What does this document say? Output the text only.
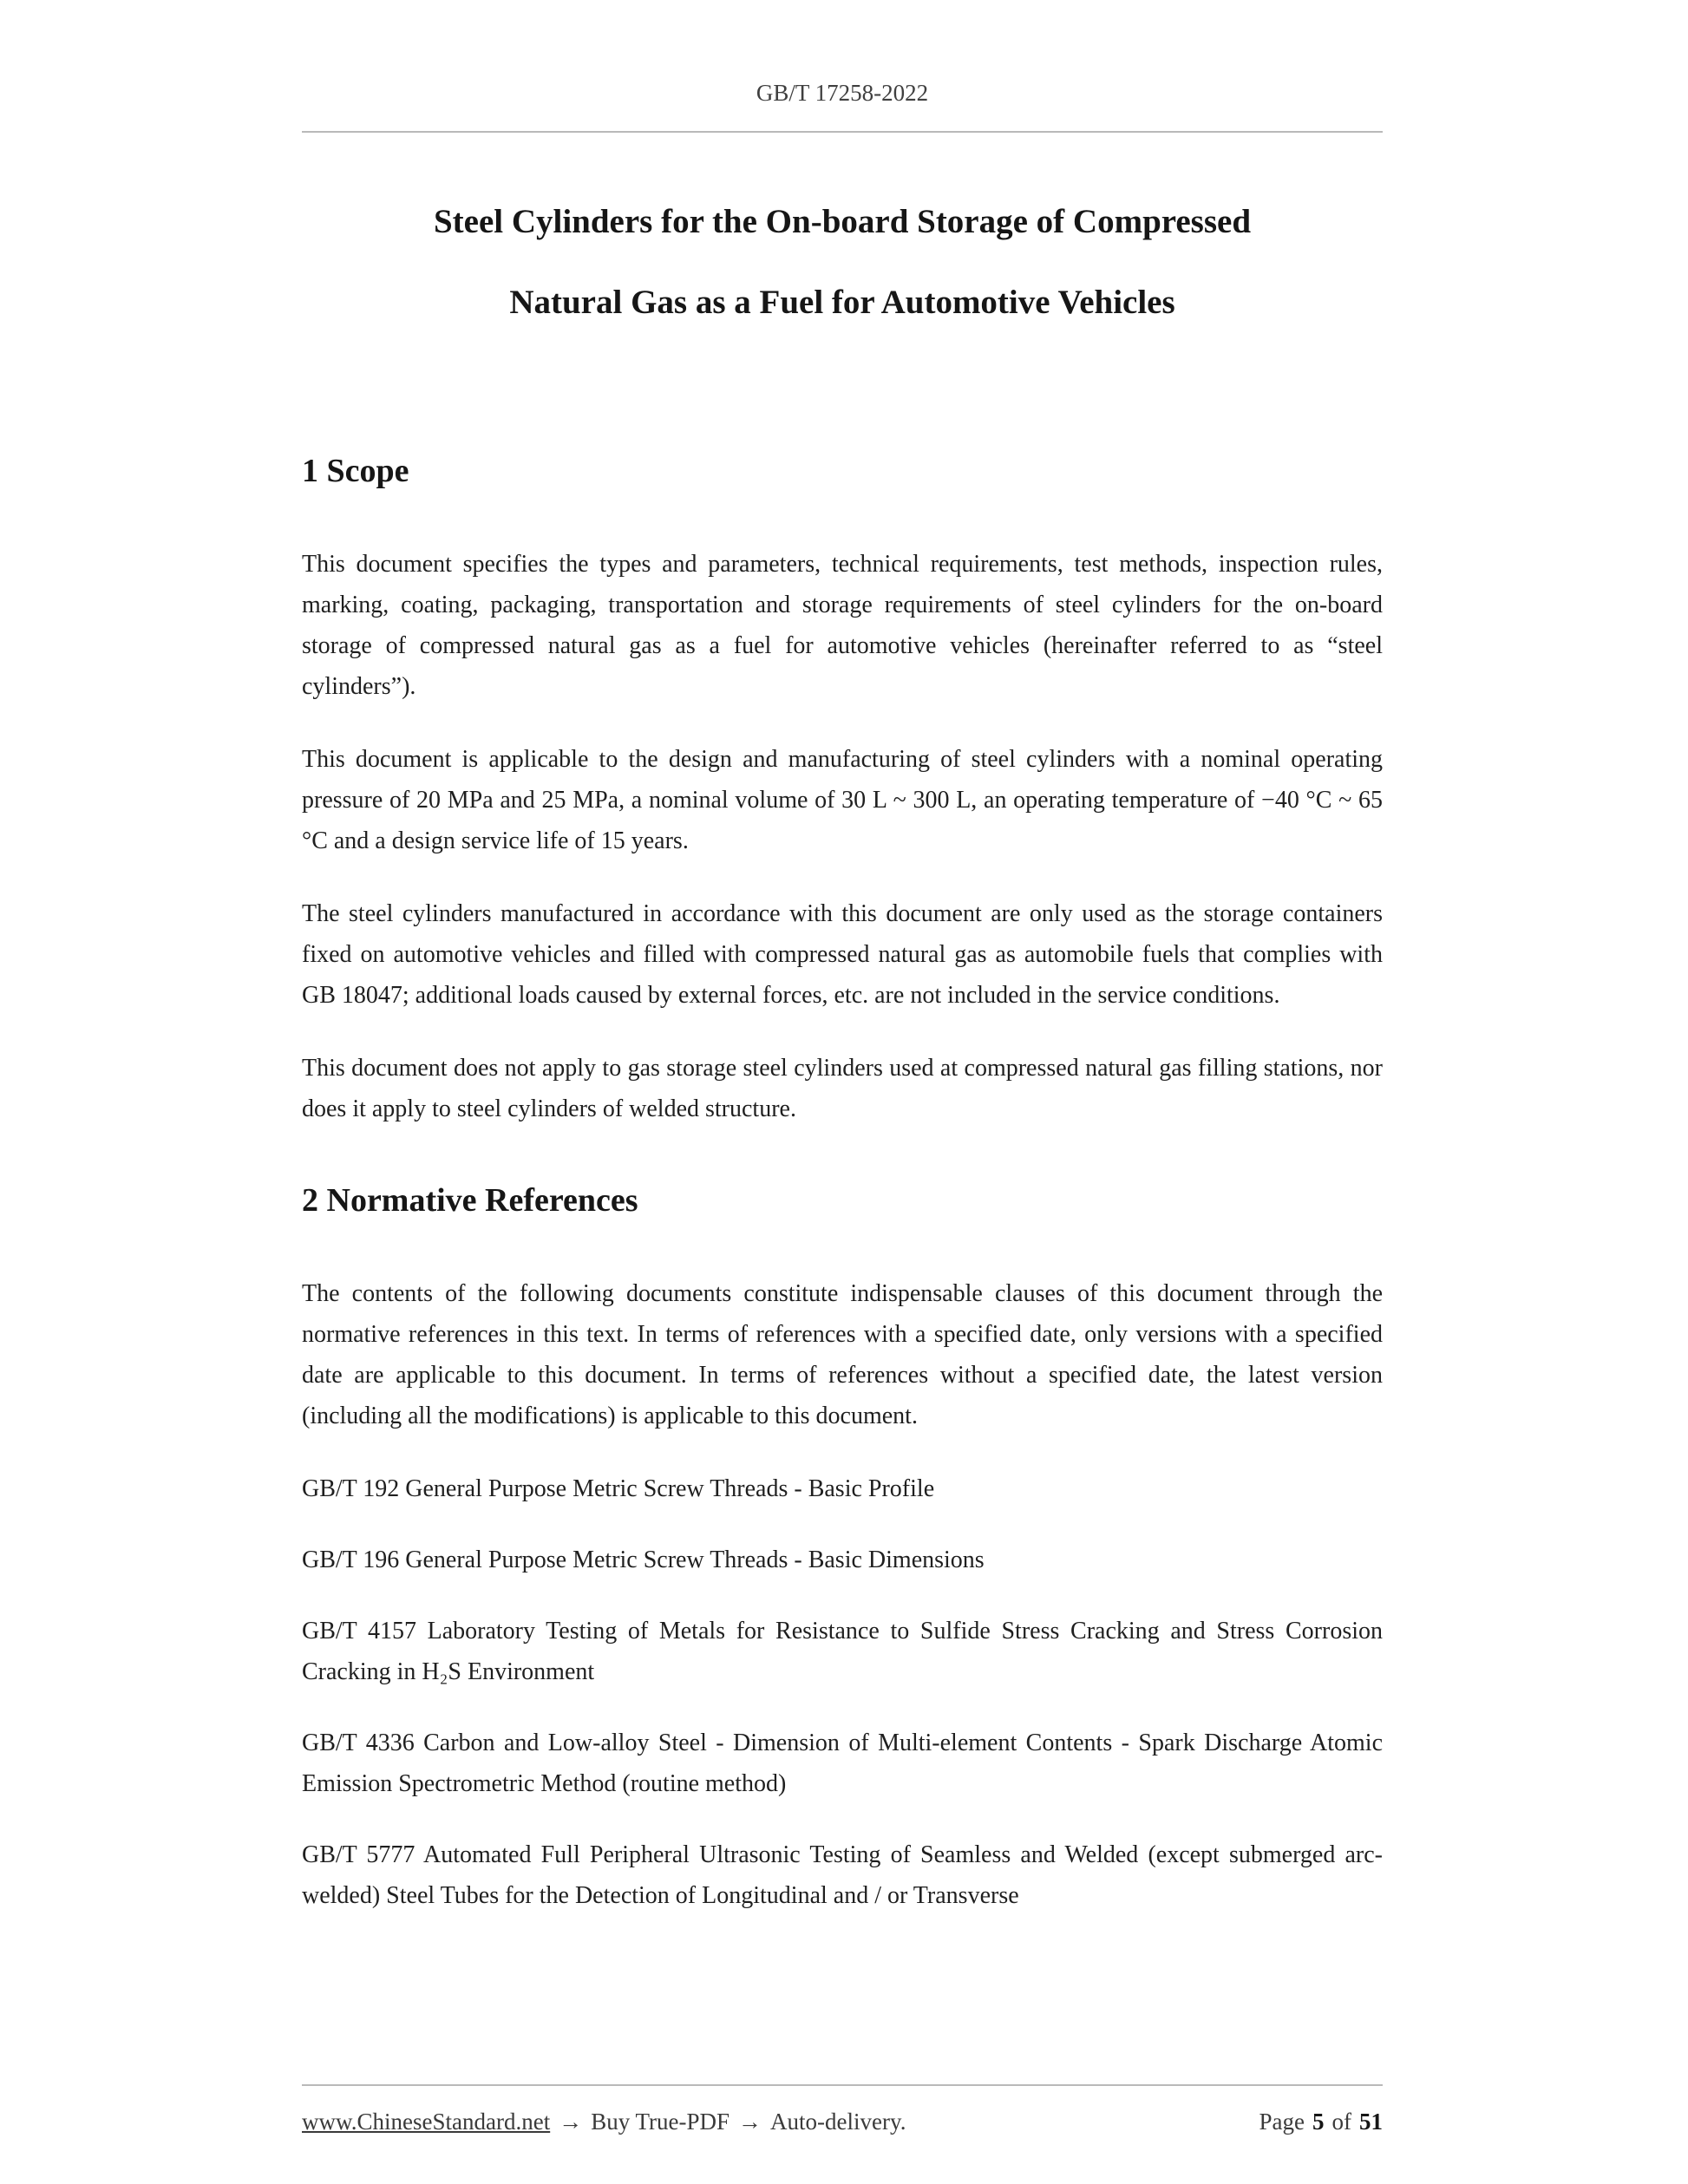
GB/T 17258-2022
Steel Cylinders for the On-board Storage of Compressed
Natural Gas as a Fuel for Automotive Vehicles
1 Scope

This document specifies the types and parameters, technical requirements, test methods, inspection rules, marking, coating, packaging, transportation and storage requirements of steel cylinders for the on-board storage of compressed natural gas as a fuel for automotive vehicles (hereinafter referred to as “steel cylinders”).

This document is applicable to the design and manufacturing of steel cylinders with a nominal operating pressure of 20 MPa and 25 MPa, a nominal volume of 30 L ~ 300 L, an operating temperature of −40 °C ~ 65 °C and a design service life of 15 years.

The steel cylinders manufactured in accordance with this document are only used as the storage containers fixed on automotive vehicles and filled with compressed natural gas as automobile fuels that complies with GB 18047; additional loads caused by external forces, etc. are not included in the service conditions.

This document does not apply to gas storage steel cylinders used at compressed natural gas filling stations, nor does it apply to steel cylinders of welded structure.

2 Normative References

The contents of the following documents constitute indispensable clauses of this document through the normative references in this text. In terms of references with a specified date, only versions with a specified date are applicable to this document. In terms of references without a specified date, the latest version (including all the modifications) is applicable to this document.

GB/T 192 General Purpose Metric Screw Threads - Basic Profile

GB/T 196 General Purpose Metric Screw Threads - Basic Dimensions

GB/T 4157 Laboratory Testing of Metals for Resistance to Sulfide Stress Cracking and Stress Corrosion Cracking in H₂S Environment

GB/T 4336 Carbon and Low-alloy Steel - Dimension of Multi-element Contents - Spark Discharge Atomic Emission Spectrometric Method (routine method)

GB/T 5777 Automated Full Peripheral Ultrasonic Testing of Seamless and Welded (except submerged arc-welded) Steel Tubes for the Detection of Longitudinal and / or Transverse

www.ChineseStandard.net → Buy True-PDF → Auto-delivery.	Page 5 of 51
